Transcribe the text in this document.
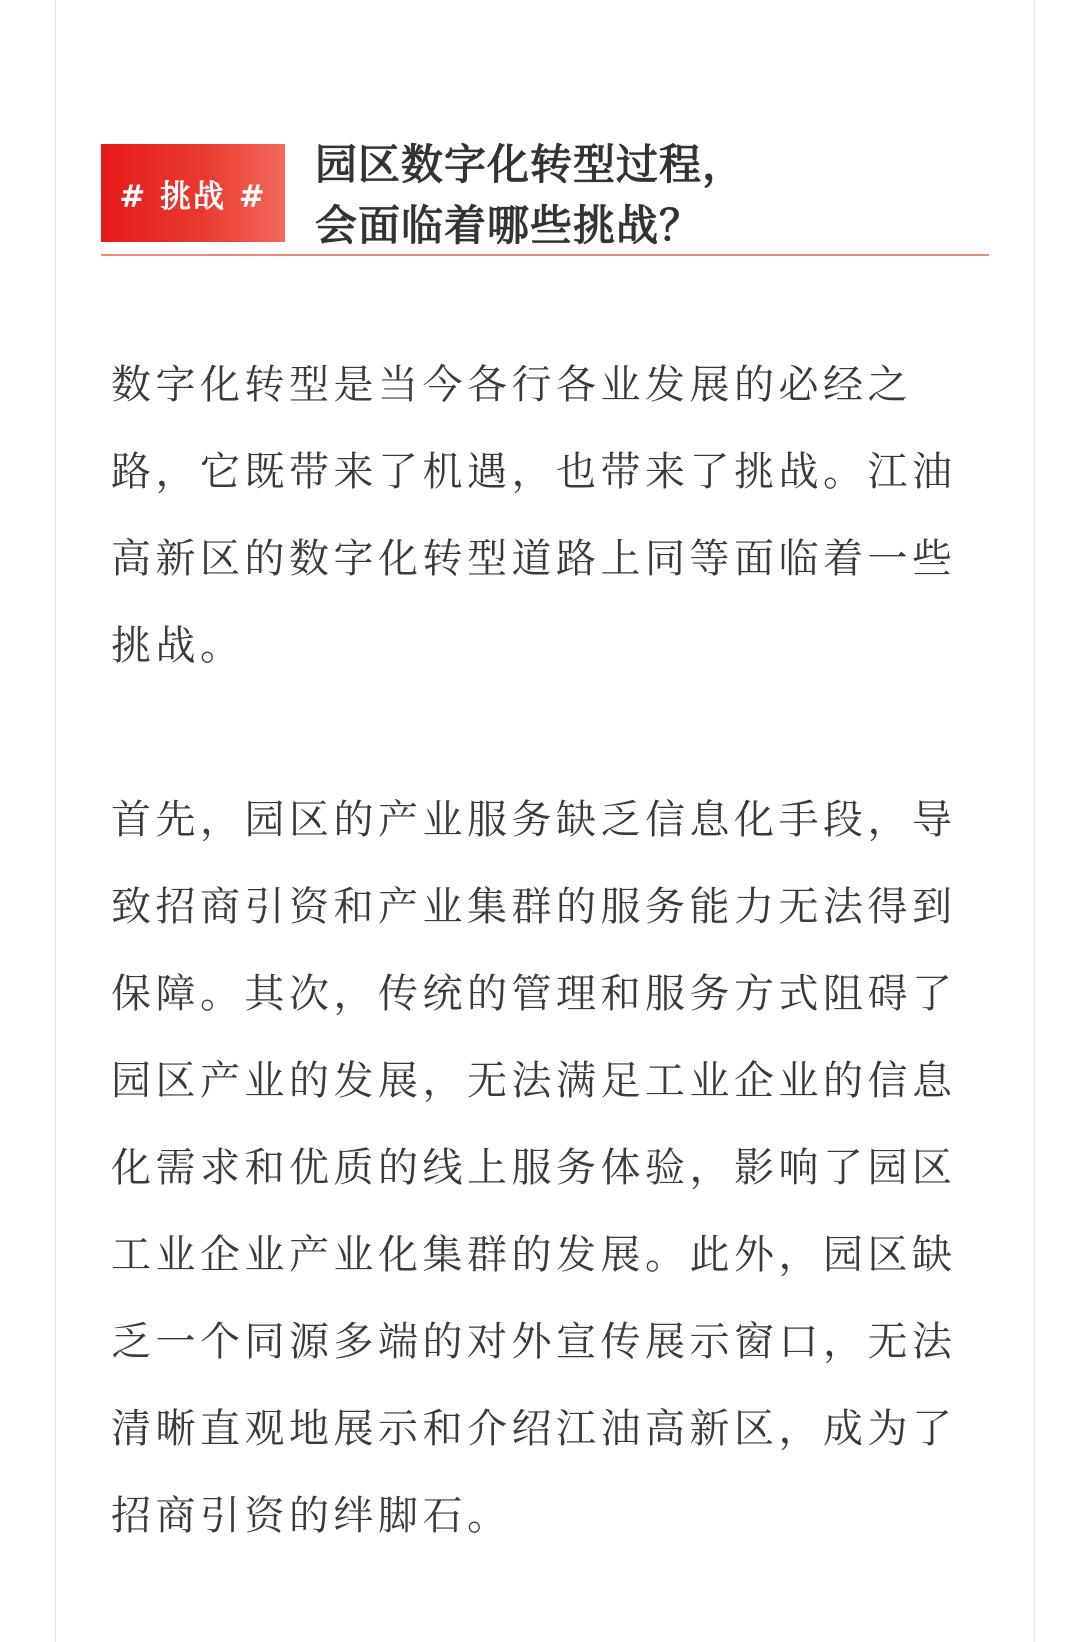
# 挑战 #
园区数字化转型过程，
会面临着哪些挑战？

数字化转型是当今各行各业发展的必经之
路，它既带来了机遇，也带来了挑战。江油
高新区的数字化转型道路上同等面临着一些
挑战。

首先，园区的产业服务缺乏信息化手段，导
致招商引资和产业集群的服务能力无法得到
保障。其次，传统的管理和服务方式阻碍了
园区产业的发展，无法满足工业企业的信息
化需求和优质的线上服务体验，影响了园区
工业企业产业化集群的发展。此外，园区缺
乏一个同源多端的对外宣传展示窗口，无法
清晰直观地展示和介绍江油高新区，成为了
招商引资的绊脚石。
